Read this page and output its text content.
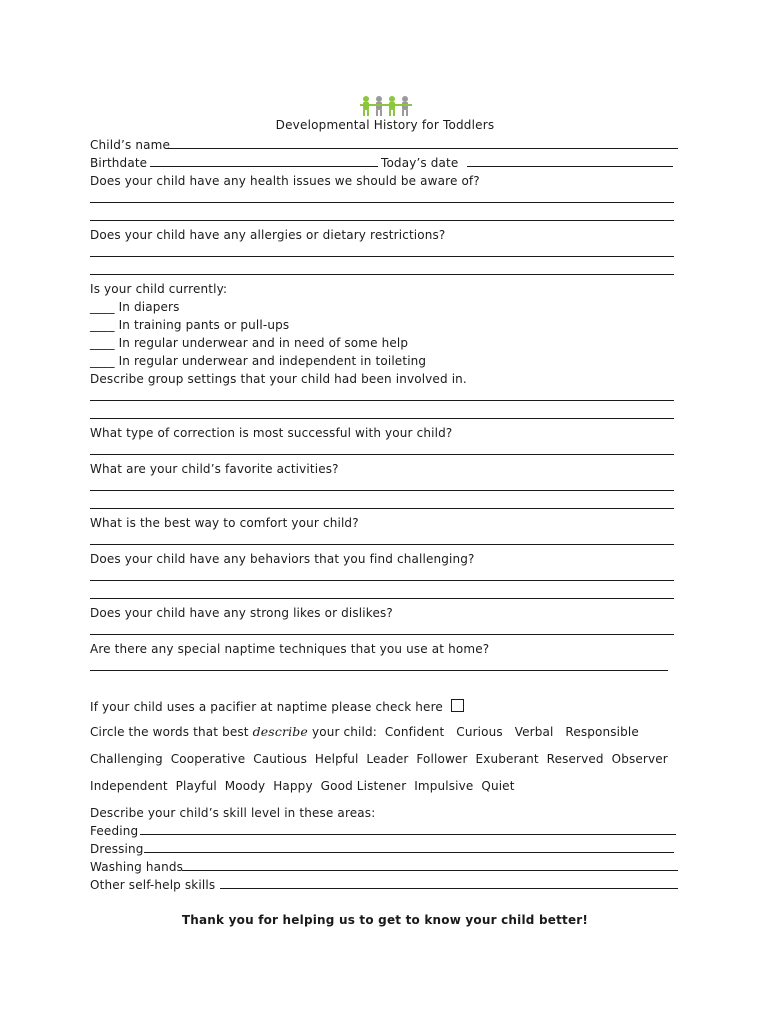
Developmental History for Toddlers
Child’s name
Birthdate	Today’s date
Does your child have any health issues we should be aware of?
Does your child have any allergies or dietary restrictions?
Is your child currently:
____ In diapers
____ In training pants or pull-ups
____ In regular underwear and in need of some help
____ In regular underwear and independent in toileting
Describe group settings that your child had been involved in.
What type of correction is most successful with your child?
What are your child’s favorite activities?
What is the best way to comfort your child?
Does your child have any behaviors that you find challenging?
Does your child have any strong likes or dislikes?
Are there any special naptime techniques that you use at home?
If your child uses a pacifier at naptime please check here
Circle the words that best describe your child:  Confident   Curious   Verbal   Responsible
Challenging  Cooperative  Cautious  Helpful  Leader  Follower  Exuberant  Reserved  Observer
Independent  Playful  Moody  Happy  Good Listener  Impulsive  Quiet
Describe your child’s skill level in these areas:
Feeding
Dressing
Washing hands
Other self-help skills
Thank you for helping us to get to know your child better!
